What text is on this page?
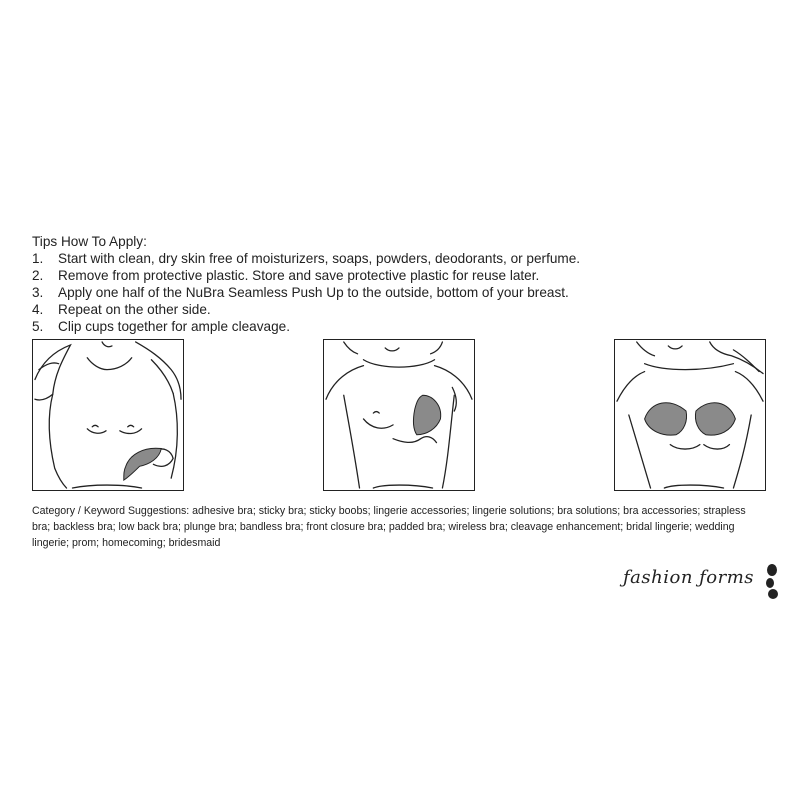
Tips How To Apply:

1.	Start with clean, dry skin free of moisturizers, soaps, powders, deodorants, or perfume.
2.	Remove from protective plastic. Store and save protective plastic for reuse later.
3.	Apply one half of the NuBra Seamless Push Up to the outside, bottom of your breast.
4.	Repeat on the other side.
5.	Clip cups together for ample cleavage.
Category / Keyword Suggestions: adhesive bra; sticky bra; sticky boobs; lingerie accessories; lingerie solutions; bra solutions; bra accessories; strapless bra; backless bra; low back bra; plunge bra; bandless bra; front closure bra; padded bra; wireless bra; cleavage enhancement; bridal lingerie; wedding lingerie; prom; homecoming; bridesmaid
ƒashion ƒorms
